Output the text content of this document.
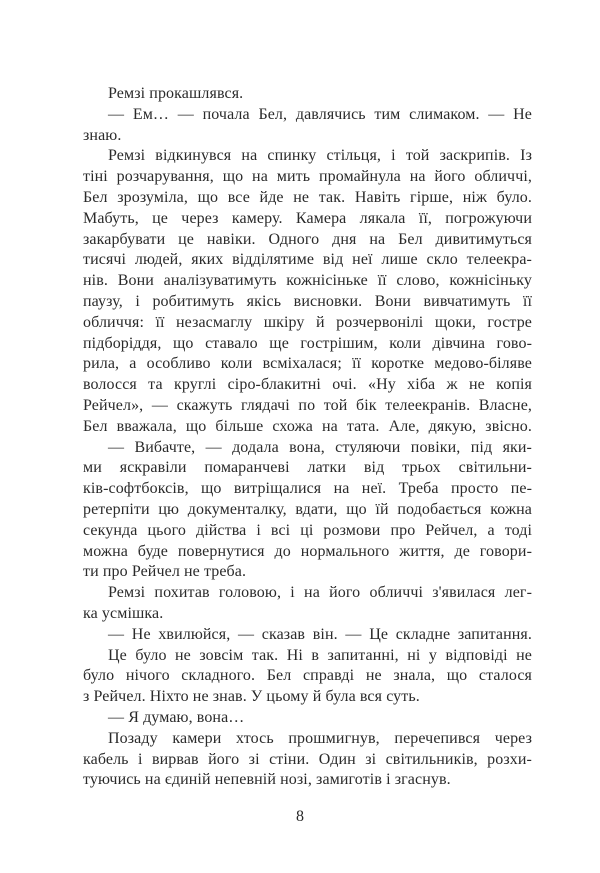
Ремзі прокашлявся.
— Ем… — почала Бел, давлячись тим слимаком. — Не
знаю.
Ремзі відкинувся на спинку стільця, і той заскрипів. Із
тіні розчарування, що на мить промайнула на його обличчі,
Бел зрозуміла, що все йде не так. Навіть гірше, ніж було.
Мабуть, це через камеру. Камера лякала її, погрожуючи
закарбувати це навіки. Одного дня на Бел дивитимуться
тисячі людей, яких відділятиме від неї лише скло телеекра-
нів. Вони аналізуватимуть кожнісіньке її слово, кожнісіньку
паузу, і робитимуть якісь висновки. Вони вивчатимуть її
обличчя: її незасмаглу шкіру й розчервонілі щоки, гостре
підборіддя, що ставало ще гострішим, коли дівчина гово-
рила, а особливо коли всміхалася; її коротке медово-біляве
волосся та круглі сіро-блакитні очі. «Ну хіба ж не копія
Рейчел», — скажуть глядачі по той бік телеекранів. Власне,
Бел вважала, що більше схожа на тата. Але, дякую, звісно.
— Вибачте, — додала вона, стуляючи повіки, під яки-
ми яскравіли помаранчеві латки від трьох світильни-
ків-софтбоксів, що витріщалися на неї. Треба просто пе-
ретерпіти цю документалку, вдати, що їй подобається кожна
секунда цього дійства і всі ці розмови про Рейчел, а тоді
можна буде повернутися до нормального життя, де говори-
ти про Рейчел не треба.
Ремзі похитав головою, і на його обличчі з'явилася лег-
ка усмішка.
— Не хвилюйся, — сказав він. — Це складне запитання.
Це було не зовсім так. Ні в запитанні, ні у відповіді не
було нічого складного. Бел справді не знала, що сталося
з Рейчел. Ніхто не знав. У цьому й була вся суть.
— Я думаю, вона…
Позаду камери хтось прошмигнув, перечепився через
кабель і вирвав його зі стіни. Один зі світильників, розхи-
туючись на єдиній непевній нозі, замиготів і згаснув.
8
